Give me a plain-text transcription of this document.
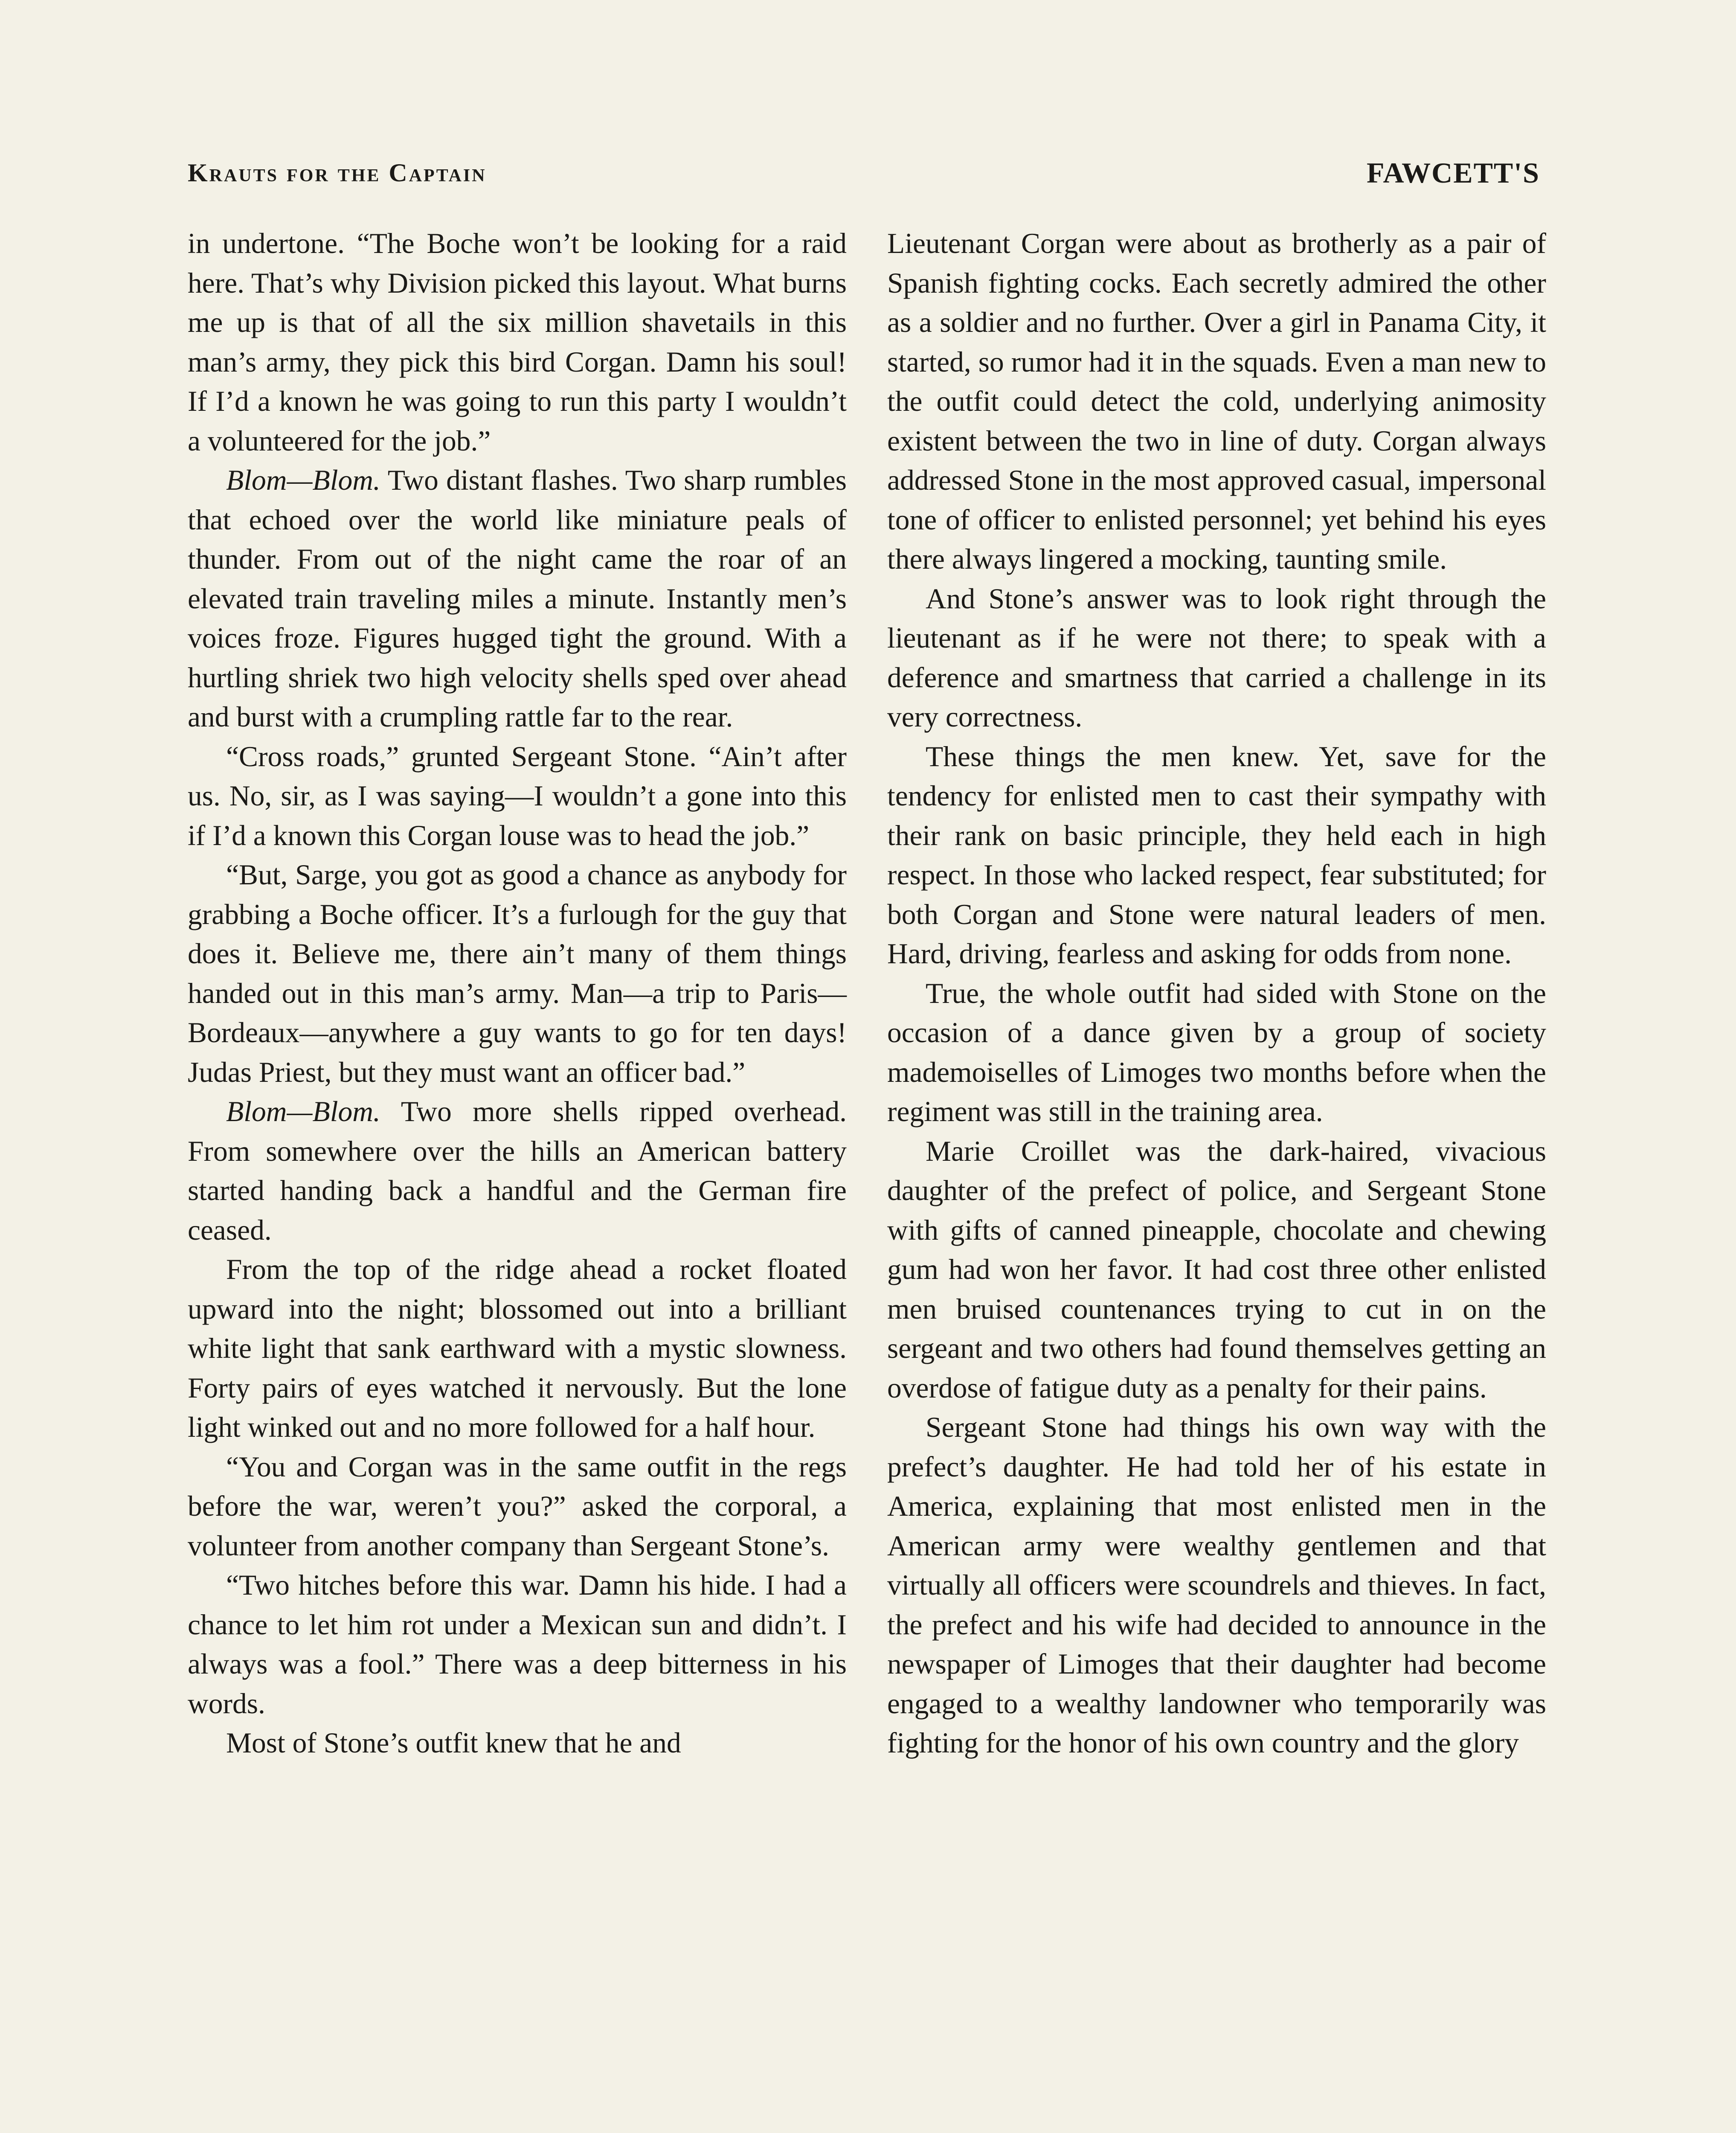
Krauts for the Captain	FAWCETT'S

in undertone. “The Boche won’t be looking for a raid here. That’s why Division picked this layout. What burns me up is that of all the six million shavetails in this man’s army, they pick this bird Corgan. Damn his soul! If I’d a known he was going to run this party I wouldn’t a volunteered for the job.”

Blom—Blom. Two distant flashes. Two sharp rumbles that echoed over the world like miniature peals of thunder. From out of the night came the roar of an elevated train traveling miles a minute. Instantly men’s voices froze. Figures hugged tight the ground. With a hurtling shriek two high velocity shells sped over ahead and burst with a crumpling rattle far to the rear.

“Cross roads,” grunted Sergeant Stone. “Ain’t after us. No, sir, as I was saying—I wouldn’t a gone into this if I’d a known this Corgan louse was to head the job.”

“But, Sarge, you got as good a chance as anybody for grabbing a Boche officer. It’s a furlough for the guy that does it. Believe me, there ain’t many of them things handed out in this man’s army. Man—a trip to Paris—Bordeaux—anywhere a guy wants to go for ten days! Judas Priest, but they must want an officer bad.”

Blom—Blom. Two more shells ripped overhead. From somewhere over the hills an American battery started handing back a handful and the German fire ceased.

From the top of the ridge ahead a rocket floated upward into the night; blossomed out into a brilliant white light that sank earthward with a mystic slowness. Forty pairs of eyes watched it nervously. But the lone light winked out and no more followed for a half hour.

“You and Corgan was in the same outfit in the regs before the war, weren’t you?” asked the corporal, a volunteer from another company than Sergeant Stone’s.

“Two hitches before this war. Damn his hide. I had a chance to let him rot under a Mexican sun and didn’t. I always was a fool.” There was a deep bitterness in his words.

Most of Stone’s outfit knew that he and

Lieutenant Corgan were about as brotherly as a pair of Spanish fighting cocks. Each secretly admired the other as a soldier and no further. Over a girl in Panama City, it started, so rumor had it in the squads. Even a man new to the outfit could detect the cold, underlying animosity existent between the two in line of duty. Corgan always addressed Stone in the most approved casual, impersonal tone of officer to enlisted personnel; yet behind his eyes there always lingered a mocking, taunting smile.

And Stone’s answer was to look right through the lieutenant as if he were not there; to speak with a deference and smartness that carried a challenge in its very correctness.

These things the men knew. Yet, save for the tendency for enlisted men to cast their sympathy with their rank on basic principle, they held each in high respect. In those who lacked respect, fear substituted; for both Corgan and Stone were natural leaders of men. Hard, driving, fearless and asking for odds from none.

True, the whole outfit had sided with Stone on the occasion of a dance given by a group of society mademoiselles of Limoges two months before when the regiment was still in the training area.

Marie Croillet was the dark-haired, vivacious daughter of the prefect of police, and Sergeant Stone with gifts of canned pineapple, chocolate and chewing gum had won her favor. It had cost three other enlisted men bruised countenances trying to cut in on the sergeant and two others had found themselves getting an overdose of fatigue duty as a penalty for their pains.

Sergeant Stone had things his own way with the prefect’s daughter. He had told her of his estate in America, explaining that most enlisted men in the American army were wealthy gentlemen and that virtually all officers were scoundrels and thieves. In fact, the prefect and his wife had decided to announce in the newspaper of Limoges that their daughter had become engaged to a wealthy landowner who temporarily was fighting for the honor of his own country and the glory
